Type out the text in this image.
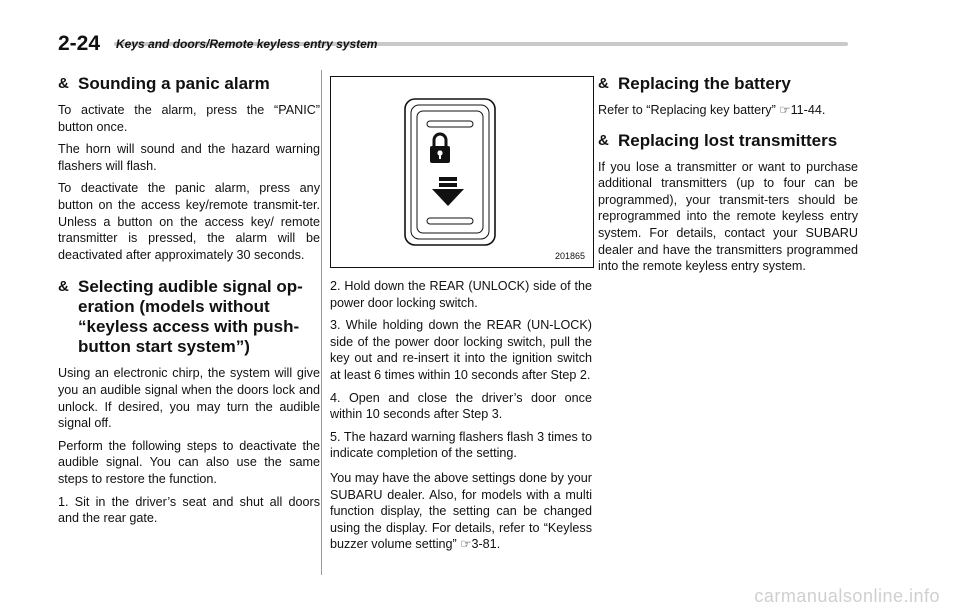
2-24 Keys and doors/Remote keyless entry system
& Sounding a panic alarm

To activate the alarm, press the “PANIC” button once.

The horn will sound and the hazard warning flashers will flash.

To deactivate the panic alarm, press any button on the access key/remote transmit-ter. Unless a button on the access key/ remote transmitter is pressed, the alarm will be deactivated after approximately 30 seconds.

& Selecting audible signal op-eration (models without “keyless access with push-button start system”)

Using an electronic chirp, the system will give you an audible signal when the doors lock and unlock. If desired, you may turn the audible signal off.

Perform the following steps to deactivate the audible signal. You can also use the same steps to restore the function.

1. Sit in the driver’s seat and shut all doors and the rear gate.

201865

2. Hold down the REAR (UNLOCK) side of the power door locking switch.

3. While holding down the REAR (UN-LOCK) side of the power door locking switch, pull the key out and re-insert it into the ignition switch at least 6 times within 10 seconds after Step 2.

4. Open and close the driver’s door once within 10 seconds after Step 3.

5. The hazard warning flashers flash 3 times to indicate completion of the setting.

You may have the above settings done by your SUBARU dealer. Also, for models with a multi function display, the setting can be changed using the display. For details, refer to “Keyless buzzer volume setting” ☞3-81.

& Replacing the battery

Refer to “Replacing key battery” ☞11-44.

& Replacing lost transmitters

If you lose a transmitter or want to purchase additional transmitters (up to four can be programmed), your transmit-ters should be reprogrammed into the remote keyless entry system. For details, contact your SUBARU dealer and have the transmitters programmed into the remote keyless entry system.

carmanualsonline.info
